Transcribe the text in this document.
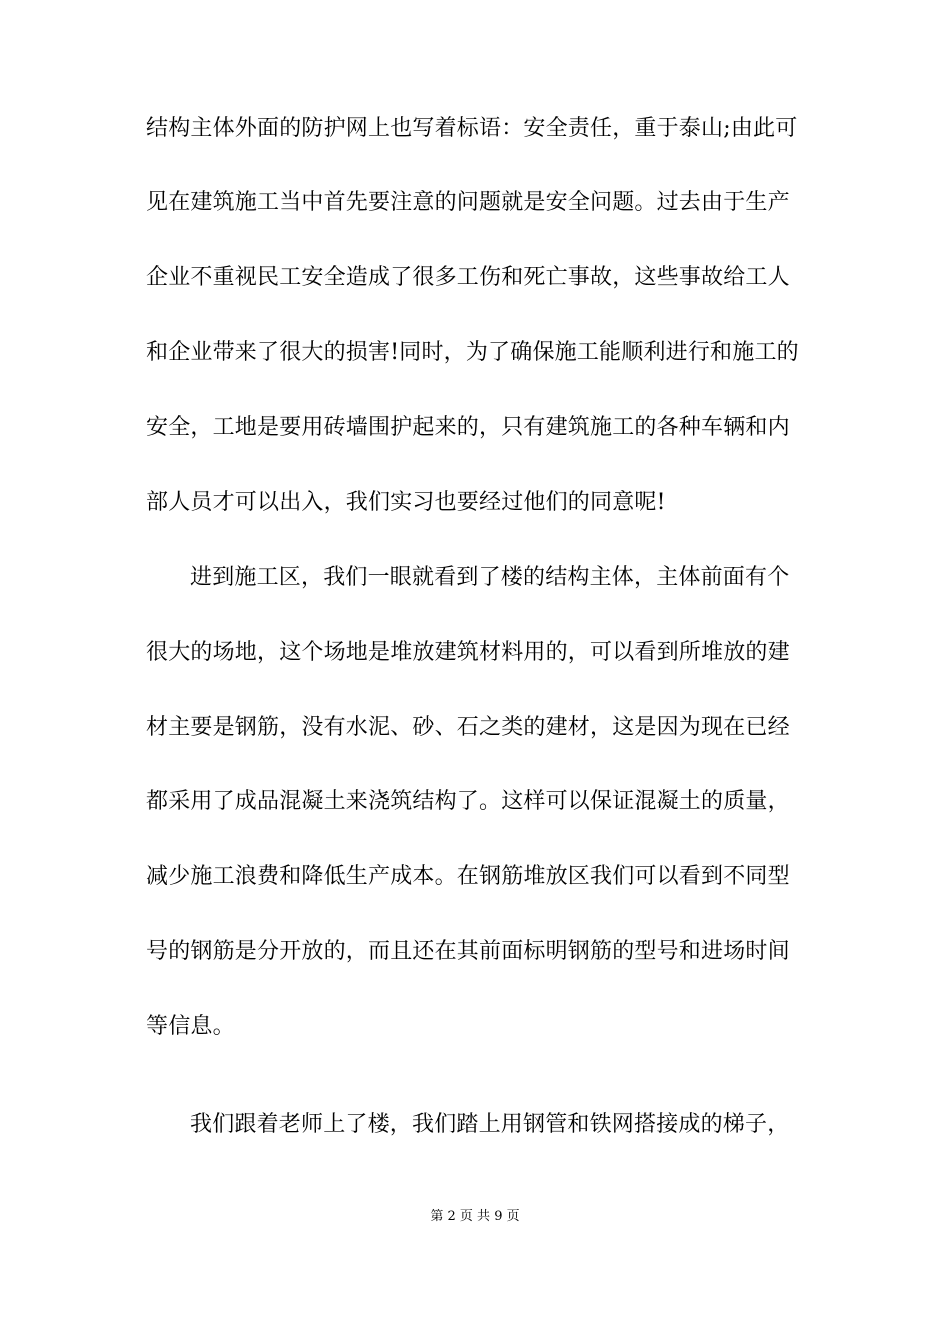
结构主体外面的防护网上也写着标语：安全责任，重于泰山;由此可
见在建筑施工当中首先要注意的问题就是安全问题。过去由于生产
企业不重视民工安全造成了很多工伤和死亡事故，这些事故给工人
和企业带来了很大的损害!同时，为了确保施工能顺利进行和施工的
安全，工地是要用砖墙围护起来的，只有建筑施工的各种车辆和内
部人员才可以出入，我们实习也要经过他们的同意呢!
进到施工区，我们一眼就看到了楼的结构主体，主体前面有个
很大的场地，这个场地是堆放建筑材料用的，可以看到所堆放的建
材主要是钢筋，没有水泥、砂、石之类的建材，这是因为现在已经
都采用了成品混凝土来浇筑结构了。这样可以保证混凝土的质量，
减少施工浪费和降低生产成本。在钢筋堆放区我们可以看到不同型
号的钢筋是分开放的，而且还在其前面标明钢筋的型号和进场时间
等信息。
我们跟着老师上了楼，我们踏上用钢管和铁网搭接成的梯子，
第 2 页 共 9 页
